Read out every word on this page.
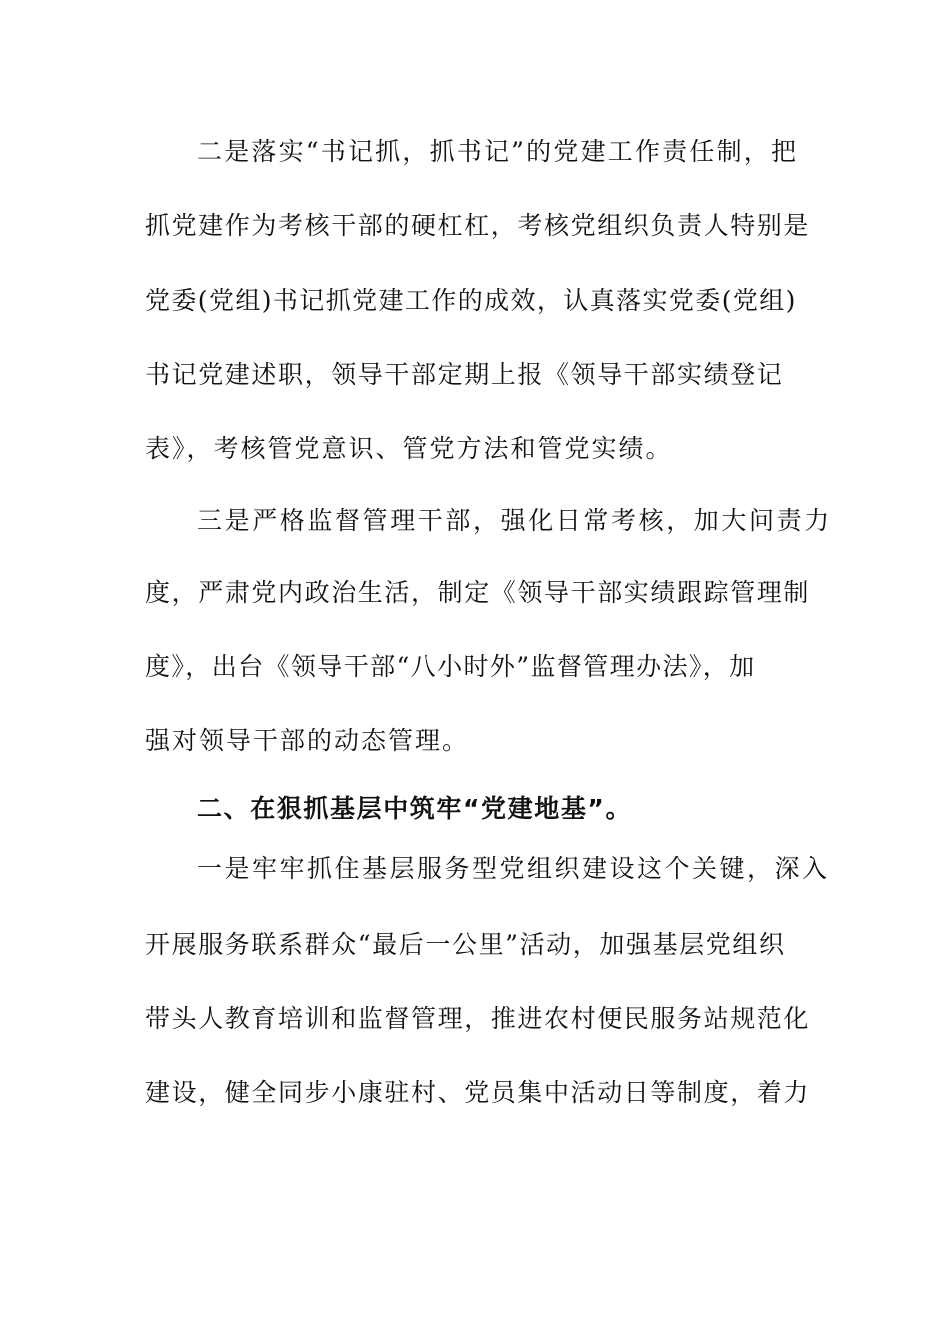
二是落实“书记抓，抓书记”的党建工作责任制，把
抓党建作为考核干部的硬杠杠，考核党组织负责人特别是
党委(党组)书记抓党建工作的成效，认真落实党委(党组)
书记党建述职，领导干部定期上报《领导干部实绩登记
表》，考核管党意识、管党方法和管党实绩。
三是严格监督管理干部，强化日常考核，加大问责力
度，严肃党内政治生活，制定《领导干部实绩跟踪管理制
度》，出台《领导干部“八小时外”监督管理办法》，加
强对领导干部的动态管理。
二、在狠抓基层中筑牢“党建地基”。
一是牢牢抓住基层服务型党组织建设这个关键，深入
开展服务联系群众“最后一公里”活动，加强基层党组织
带头人教育培训和监督管理，推进农村便民服务站规范化
建设，健全同步小康驻村、党员集中活动日等制度，着力
